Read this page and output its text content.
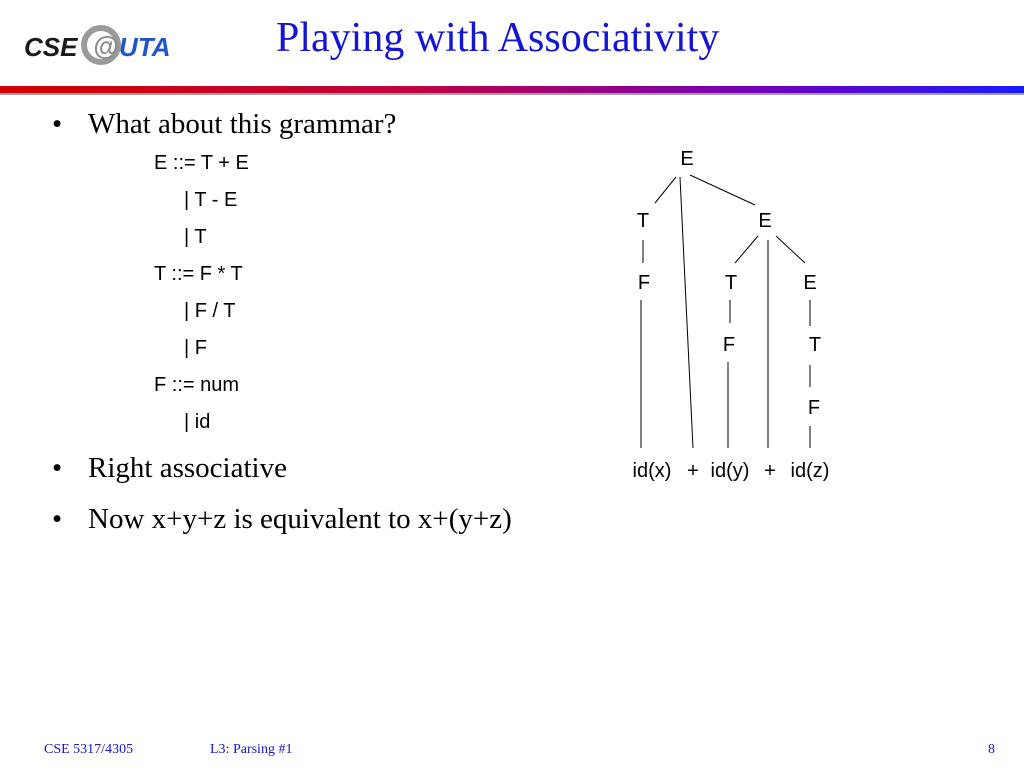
CSE @ UTA	Playing with Associativity
• What about this grammar?
E ::= T + E
| T - E
| T
T ::= F * T
| F / T
| F
F ::= num
| id
• Right associative
• Now x+y+z is equivalent to x+(y+z)
E
T	E
F	T	E
F	T
F
id(x) + id(y) + id(z)
CSE 5317/4305	L3: Parsing #1	8
